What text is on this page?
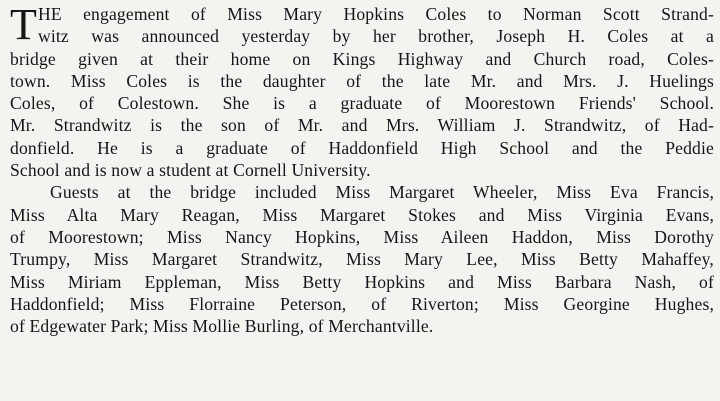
T HE engagement of Miss Mary Hopkins Coles to Norman Scott Strand-
witz was announced yesterday by her brother, Joseph H. Coles at a
bridge given at their home on Kings Highway and Church road, Coles-
town. Miss Coles is the daughter of the late Mr. and Mrs. J. Huelings
Coles, of Colestown. She is a graduate of Moorestown Friends' School.
Mr. Strandwitz is the son of Mr. and Mrs. William J. Strandwitz, of Had-
donfield. He is a graduate of Haddonfield High School and the Peddie
School and is now a student at Cornell University.
Guests at the bridge included Miss Margaret Wheeler, Miss Eva Francis,
Miss Alta Mary Reagan, Miss Margaret Stokes and Miss Virginia Evans,
of Moorestown; Miss Nancy Hopkins, Miss Aileen Haddon, Miss Dorothy
Trumpy, Miss Margaret Strandwitz, Miss Mary Lee, Miss Betty Mahaffey,
Miss Miriam Eppleman, Miss Betty Hopkins and Miss Barbara Nash, of
Haddonfield; Miss Florraine Peterson, of Riverton; Miss Georgine Hughes,
of Edgewater Park; Miss Mollie Burling, of Merchantville.
